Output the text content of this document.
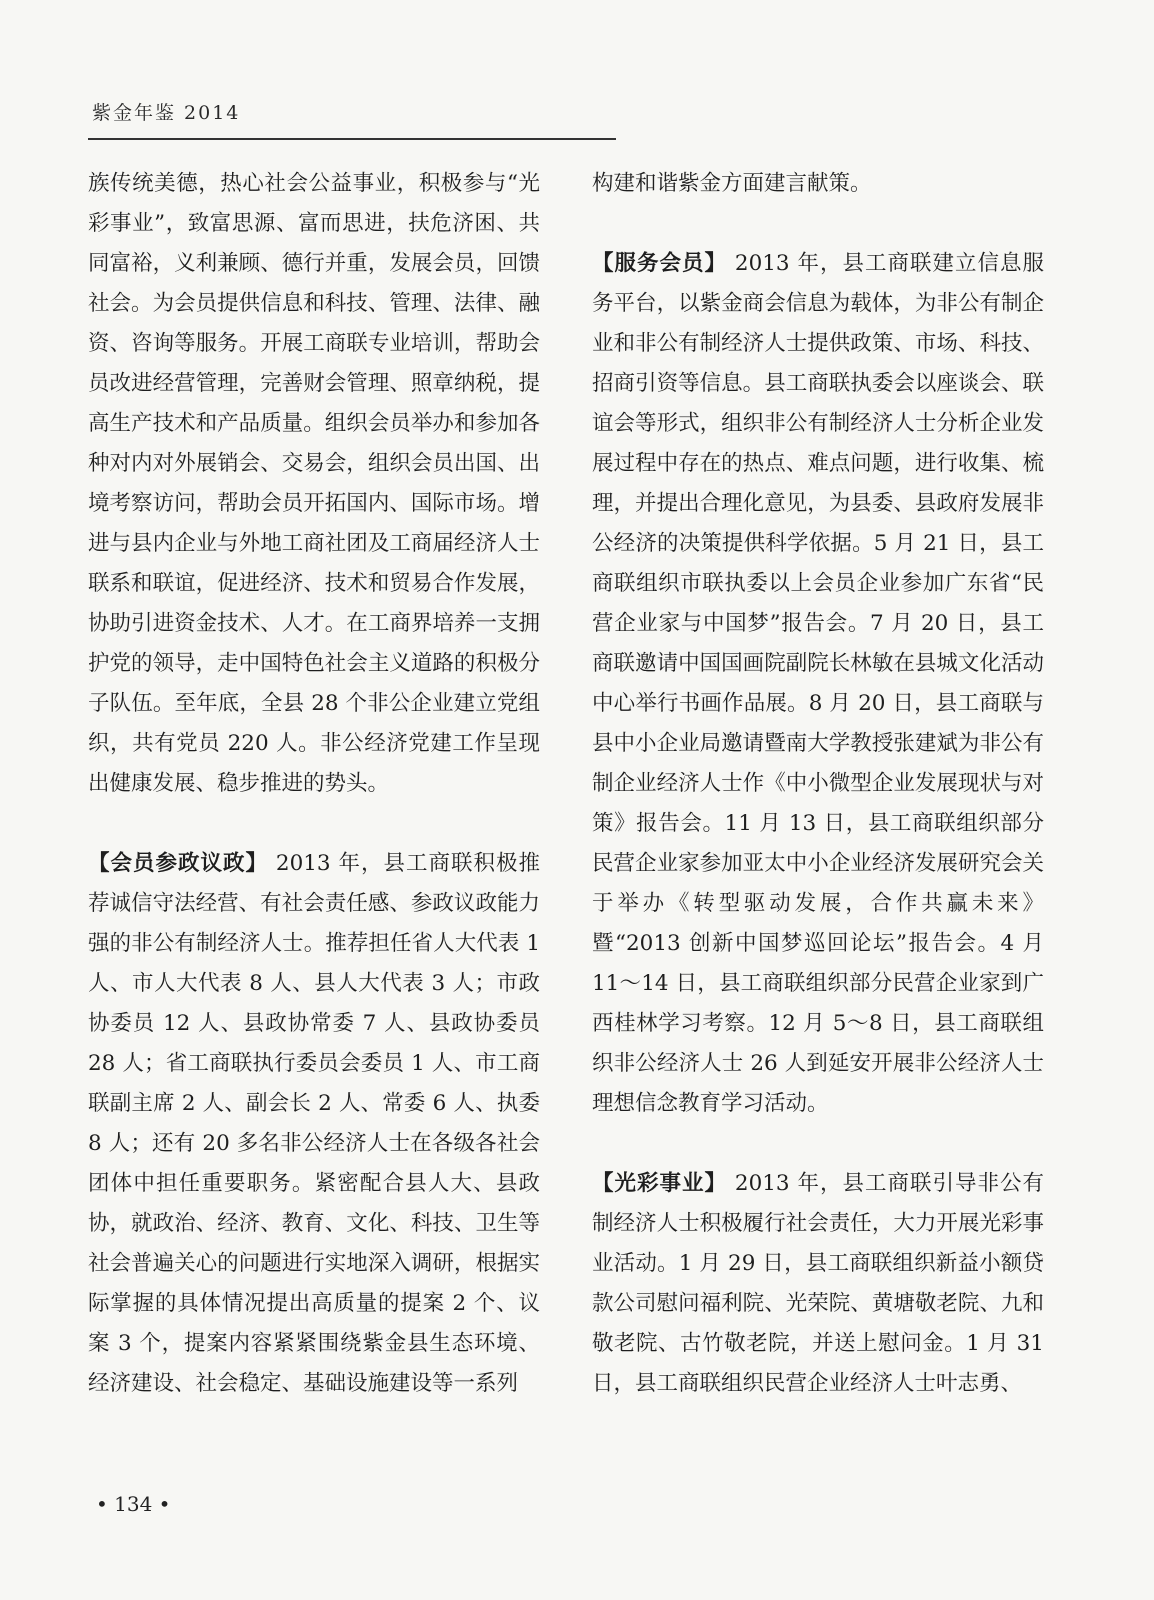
紫金年鉴 2014

族传统美德，热心社会公益事业，积极参与“光彩事业”，致富思源、富而思进，扶危济困、共同富裕，义利兼顾、德行并重，发展会员，回馈社会。为会员提供信息和科技、管理、法律、融资、咨询等服务。开展工商联专业培训，帮助会员改进经营管理，完善财会管理、照章纳税，提高生产技术和产品质量。组织会员举办和参加各种对内对外展销会、交易会，组织会员出国、出境考察访问，帮助会员开拓国内、国际市场。增进与县内企业与外地工商社团及工商届经济人士联系和联谊，促进经济、技术和贸易合作发展，协助引进资金技术、人才。在工商界培养一支拥护党的领导，走中国特色社会主义道路的积极分子队伍。至年底，全县 28 个非公企业建立党组织，共有党员 220 人。非公经济党建工作呈现出健康发展、稳步推进的势头。

【会员参政议政】 2013 年，县工商联积极推荐诚信守法经营、有社会责任感、参政议政能力强的非公有制经济人士。推荐担任省人大代表 1 人、市人大代表 8 人、县人大代表 3 人；市政协委员 12 人、县政协常委 7 人、县政协委员 28 人；省工商联执行委员会委员 1 人、市工商联副主席 2 人、副会长 2 人、常委 6 人、执委 8 人；还有 20 多名非公经济人士在各级各社会团体中担任重要职务。紧密配合县人大、县政协，就政治、经济、教育、文化、科技、卫生等社会普遍关心的问题进行实地深入调研，根据实际掌握的具体情况提出高质量的提案 2 个、议案 3 个，提案内容紧紧围绕紫金县生态环境、经济建设、社会稳定、基础设施建设等一系列

构建和谐紫金方面建言献策。

【服务会员】 2013 年，县工商联建立信息服务平台，以紫金商会信息为载体，为非公有制企业和非公有制经济人士提供政策、市场、科技、招商引资等信息。县工商联执委会以座谈会、联谊会等形式，组织非公有制经济人士分析企业发展过程中存在的热点、难点问题，进行收集、梳理，并提出合理化意见，为县委、县政府发展非公经济的决策提供科学依据。5 月 21 日，县工商联组织市联执委以上会员企业参加广东省“民营企业家与中国梦”报告会。7 月 20 日，县工商联邀请中国国画院副院长林敏在县城文化活动中心举行书画作品展。8 月 20 日，县工商联与县中小企业局邀请暨南大学教授张建斌为非公有制企业经济人士作《中小微型企业发展现状与对策》报告会。11 月 13 日，县工商联组织部分民营企业家参加亚太中小企业经济发展研究会关于举办《转型驱动发展，合作共赢未来》暨“2013 创新中国梦巡回论坛”报告会。4 月 11～14 日，县工商联组织部分民营企业家到广西桂林学习考察。12 月 5～8 日，县工商联组织非公经济人士 26 人到延安开展非公经济人士理想信念教育学习活动。

【光彩事业】 2013 年，县工商联引导非公有制经济人士积极履行社会责任，大力开展光彩事业活动。1 月 29 日，县工商联组织新益小额贷款公司慰问福利院、光荣院、黄塘敬老院、九和敬老院、古竹敬老院，并送上慰问金。1 月 31 日，县工商联组织民营企业经济人士叶志勇、

• 134 •
